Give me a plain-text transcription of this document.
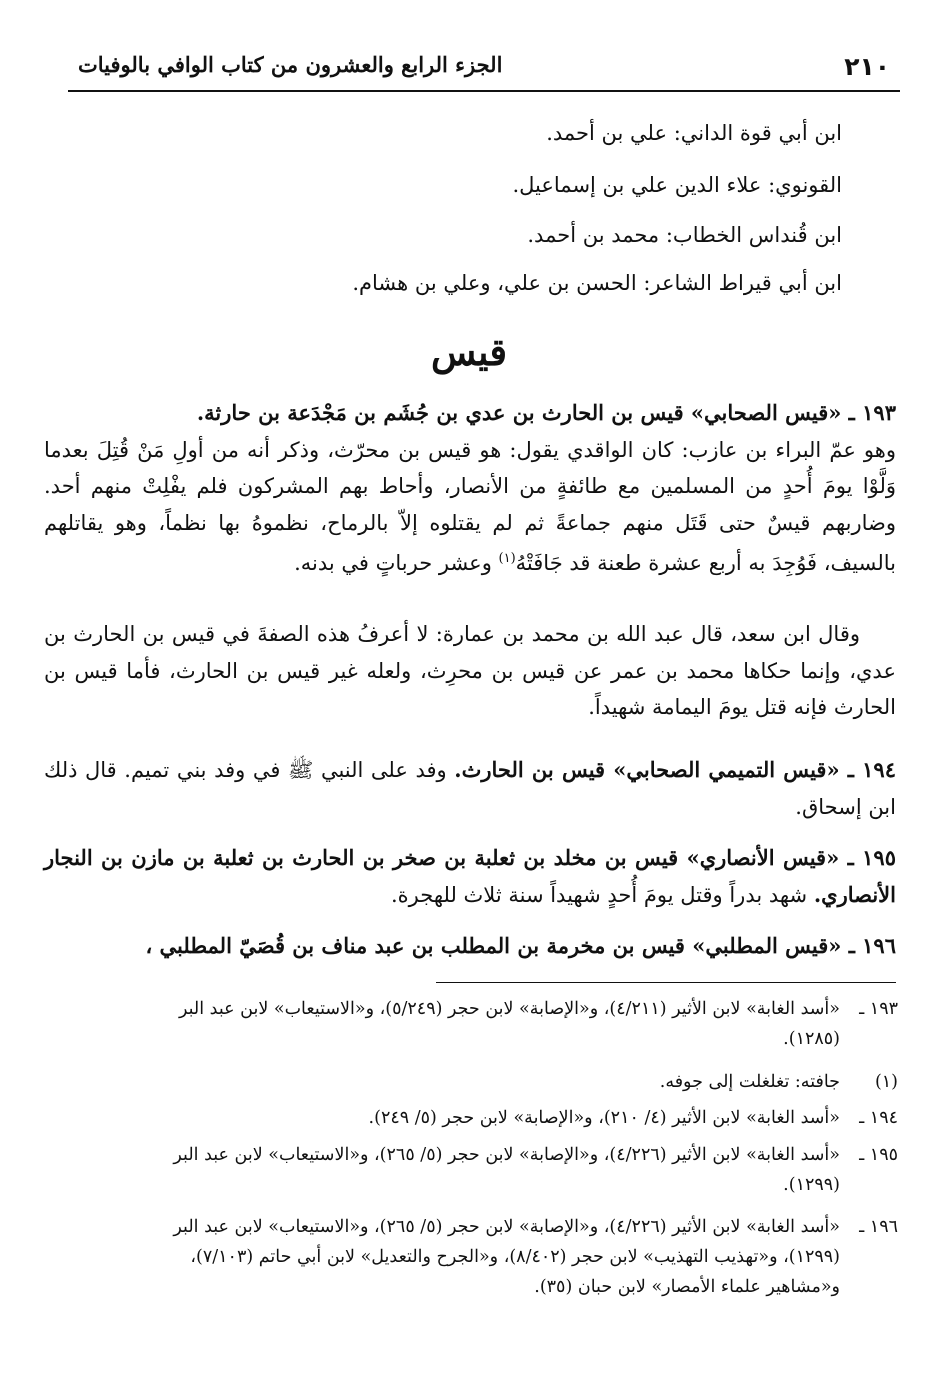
٢١٠
الجزء الرابع والعشرون من كتاب الوافي بالوفيات
ابن أبي قوة الداني: علي بن أحمد.
القونوي: علاء الدين علي بن إسماعيل.
ابن قُنداس الخطاب: محمد بن أحمد.
ابن أبي قيراط الشاعر: الحسن بن علي، وعلي بن هشام.
قيس
١٩٣ ـ «قيس الصحابي» قيس بن الحارث بن عدي بن جُشَم بن مَجْدَعة بن حارثة.
وهو عمّ البراء بن عازب: كان الواقدي يقول: هو قيس بن محرّث، وذكر أنه من أولِ مَنْ قُتِلَ بعدما وَلَّوْا يومَ أُحدٍ من المسلمين مع طائفةٍ من الأنصار، وأحاط بهم المشركون فلم يفْلِتْ منهم أحد. وضاربهم قيسٌ حتى قَتَل منهم جماعةً ثم لم يقتلوه إلاّ بالرماح، نظموهُ بها نظماً، وهو يقاتلهم بالسيف، فَوُجِدَ به أربع عشرة طعنة قد جَافَتْهُ$^{(١)}$ وعشر حرباتٍ في بدنه.
وقال ابن سعد، قال عبد الله بن محمد بن عمارة: لا أعرفُ هذه الصفةَ في قيس بن الحارث بن عدي، وإنما حكاها محمد بن عمر عن قيس بن محرِث، ولعله غير قيس بن الحارث، فأما قيس بن الحارث فإنه قتل يومَ اليمامة شهيداً.
١٩٤ ـ «قيس التميمي الصحابي» قيس بن الحارث. وفد على النبي ﷺ في وفد بني تميم. قال ذلك ابن إسحاق.
١٩٥ ـ «قيس الأنصاري» قيس بن مخلد بن ثعلبة بن صخر بن الحارث بن ثعلبة بن مازن بن النجار الأنصاري. شهد بدراً وقتل يومَ أُحدٍ شهيداً سنة ثلاث للهجرة.
١٩٦ ـ «قيس المطلبي» قيس بن مخرمة بن المطلب بن عبد مناف بن قُصَيّ المطلبي ،
١٩٣ ـ«أسد الغابة» لابن الأثير (٤/٢١١)، و«الإصابة» لابن حجر (٥/٢٤٩)، و«الاستيعاب» لابن عبد البر
(١٢٨٥).
(١)جافته: تغلغلت إلى جوفه.
١٩٤ ـ«أسد الغابة» لابن الأثير (٤/ ٢١٠)، و«الإصابة» لابن حجر (٥/ ٢٤٩).
١٩٥ ـ«أسد الغابة» لابن الأثير (٤/٢٢٦)، و«الإصابة» لابن حجر (٥/ ٢٦٥)، و«الاستيعاب» لابن عبد البر
(١٢٩٩).
١٩٦ ـ«أسد الغابة» لابن الأثير (٤/٢٢٦)، و«الإصابة» لابن حجر (٥/ ٢٦٥)، و«الاستيعاب» لابن عبد البر
(١٢٩٩)، و«تهذيب التهذيب» لابن حجر (٨/٤٠٢)، و«الجرح والتعديل» لابن أبي حاتم (٧/١٠٣)،
و«مشاهير علماء الأمصار» لابن حبان (٣٥).
